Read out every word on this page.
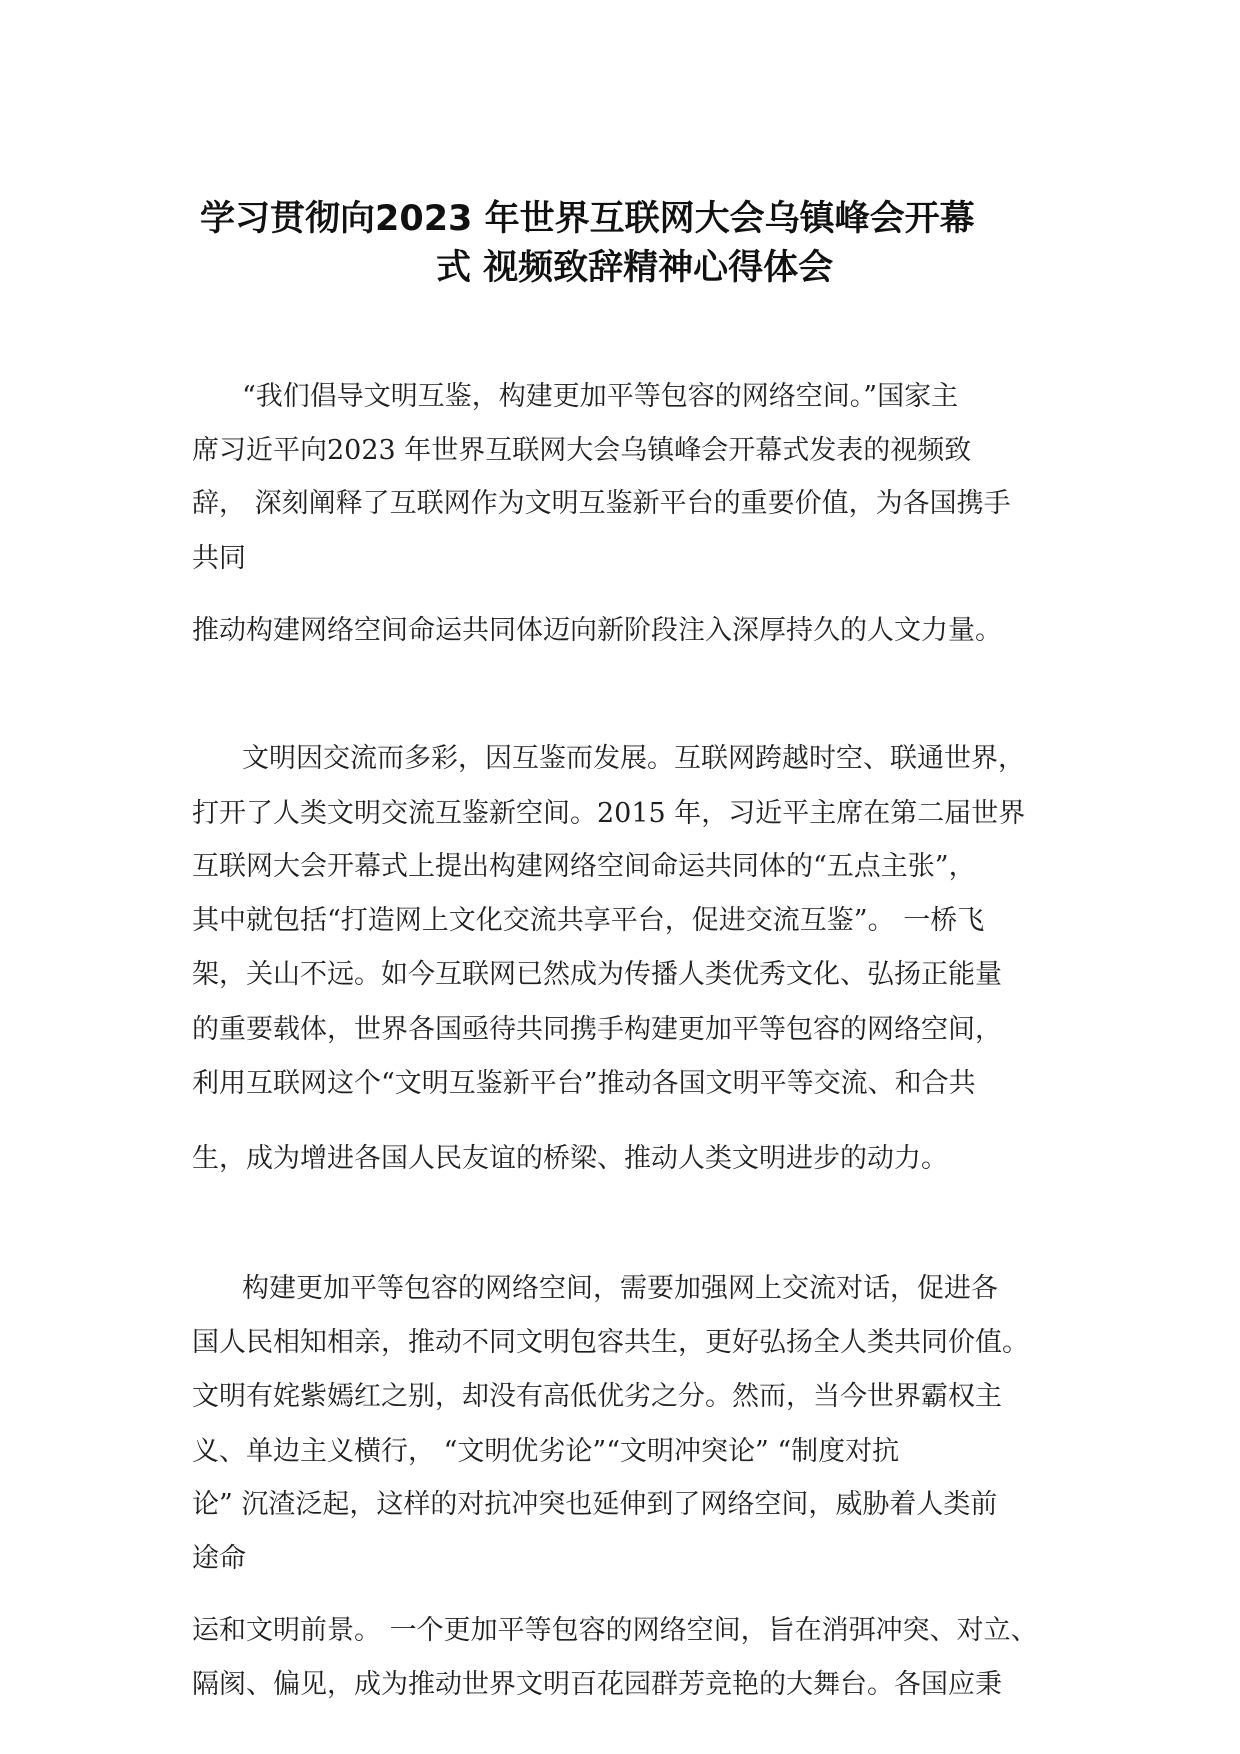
学习贯彻向2023 年世界互联网大会乌镇峰会开幕
式 视频致辞精神心得体会
“我们倡导文明互鉴，构建更加平等包容的网络空间。”国家主
席习近平向2023 年世界互联网大会乌镇峰会开幕式发表的视频致
辞， 深刻阐释了互联网作为文明互鉴新平台的重要价值，为各国携手
共同
推动构建网络空间命运共同体迈向新阶段注入深厚持久的人文力量。
文明因交流而多彩，因互鉴而发展。互联网跨越时空、联通世界，
打开了人类文明交流互鉴新空间。2015 年，习近平主席在第二届世界
互联网大会开幕式上提出构建网络空间命运共同体的“五点主张”，
其中就包括“打造网上文化交流共享平台，促进交流互鉴”。 一桥飞
架，关山不远。如今互联网已然成为传播人类优秀文化、弘扬正能量
的重要载体，世界各国亟待共同携手构建更加平等包容的网络空间，
利用互联网这个“文明互鉴新平台”推动各国文明平等交流、和合共
生，成为增进各国人民友谊的桥梁、推动人类文明进步的动力。
构建更加平等包容的网络空间，需要加强网上交流对话，促进各
国人民相知相亲，推动不同文明包容共生，更好弘扬全人类共同价值。
文明有姹紫嫣红之别，却没有高低优劣之分。然而，当今世界霸权主
义、单边主义横行， “文明优劣论”“文明冲突论” “制度对抗
论” 沉渣泛起，这样的对抗冲突也延伸到了网络空间，威胁着人类前
途命
运和文明前景。 一个更加平等包容的网络空间，旨在消弭冲突、对立、
隔阂、偏见，成为推动世界文明百花园群芳竞艳的大舞台。各国应秉
